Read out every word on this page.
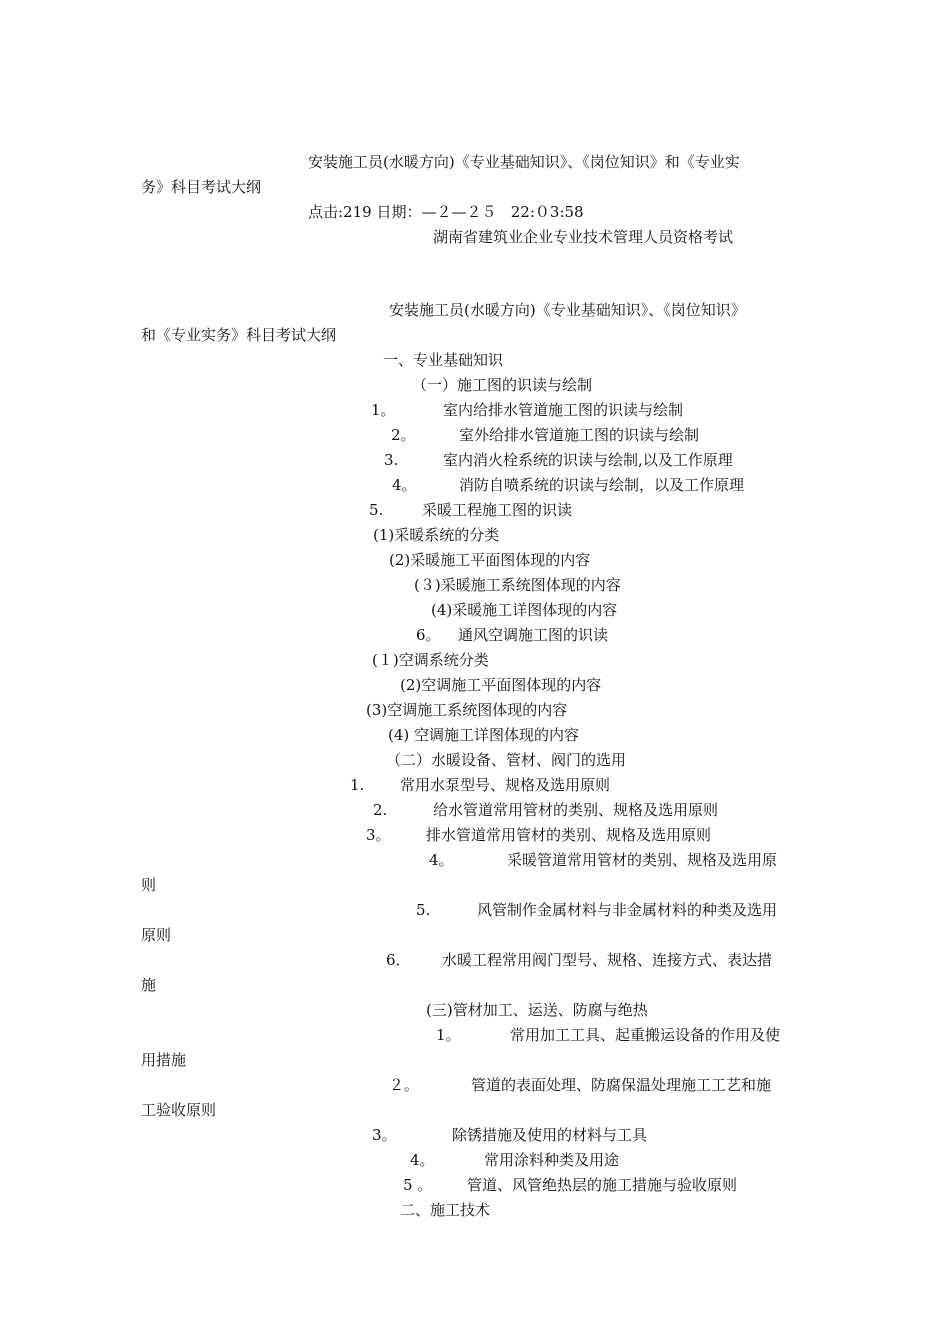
安装施工员(水暖方向)《专业基础知识》、《岗位知识》和《专业实
务》科目考试大纲
点击:219 日期：—２—２５   22:０3:58
湖南省建筑业企业专业技术管理人员资格考试
安装施工员(水暖方向)《专业基础知识》、《岗位知识》
和《专业实务》科目考试大纲
一、专业基础知识
（一）施工图的识读与绘制
1。	室内给排水管道施工图的识读与绘制
2。	室外给排水管道施工图的识读与绘制
3.	室内消火栓系统的识读与绘制,以及工作原理
4。	消防自喷系统的识读与绘制，以及工作原理
5.	采暖工程施工图的识读
(1)采暖系统的分类
(2)采暖施工平面图体现的内容
(３)采暖施工系统图体现的内容
(4)采暖施工详图体现的内容
6。 通风空调施工图的识读
(１)空调系统分类
(2)空调施工平面图体现的内容
(3)空调施工系统图体现的内容
(4) 空调施工详图体现的内容
（二）水暖设备、管材、阀门的选用
1. 常用水泵型号、规格及选用原则
2.	给水管道常用管材的类别、规格及选用原则
3。 排水管道常用管材的类别、规格及选用原则
4。	采暖管道常用管材的类别、规格及选用原
则
5.	风管制作金属材料与非金属材料的种类及选用
原则
6． 水暖工程常用阀门型号、规格、连接方式、表达措
施
(三)管材加工、运送、防腐与绝热
1。	常用加工工具、起重搬运设备的作用及使
用措施
２。	管道的表面处理、防腐保温处理施工工艺和施
工验收原则
3。	除锈措施及使用的材料与工具
4。	常用涂料种类及用途
5 。 管道、风管绝热层的施工措施与验收原则
二、施工技术
